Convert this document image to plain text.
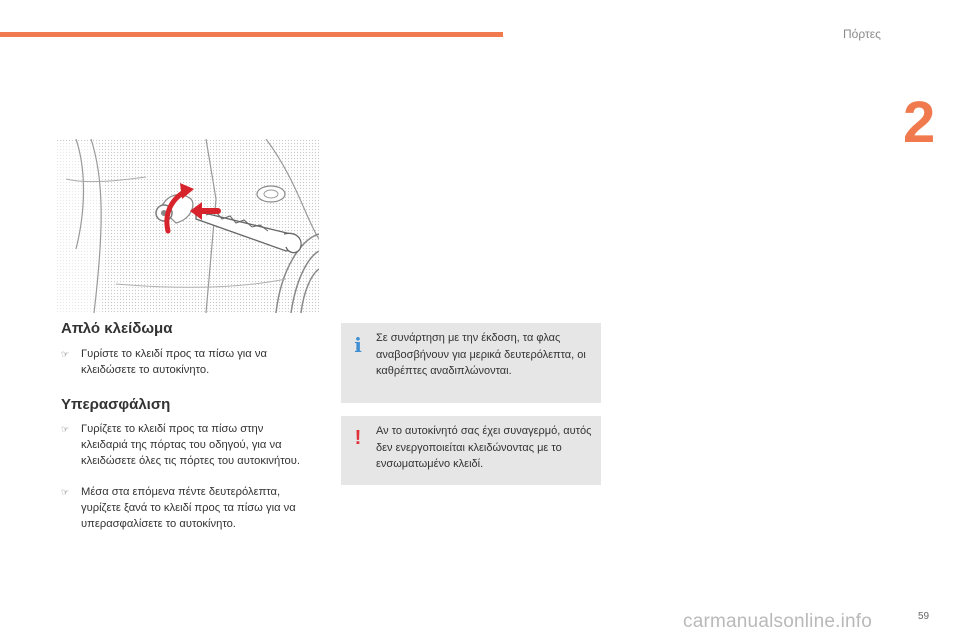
Πόρτες
2
Απλό κλείδωμα
☞	Γυρίστε το κλειδί προς τα πίσω για να κλειδώσετε το αυτοκίνητο.
Υπερασφάλιση
☞	Γυρίζετε το κλειδί προς τα πίσω στην κλειδαριά της πόρτας του οδηγού, για να κλειδώσετε όλες τις πόρτες του αυτοκινήτου.
☞	Μέσα στα επόμενα πέντε δευτερόλεπτα, γυρίζετε ξανά το κλειδί προς τα πίσω για να υπερασφαλίσετε το αυτοκίνητο.
i Σε συνάρτηση με την έκδοση, τα φλας αναβοσβήνουν για μερικά δευτερόλεπτα, οι καθρέπτες αναδιπλώνονται.
!	Αν το αυτοκίνητό σας έχει συναγερμό, αυτός δεν ενεργοποιείται κλειδώνοντας με το ενσωματωμένο κλειδί.
carmanualsonline.info	59
